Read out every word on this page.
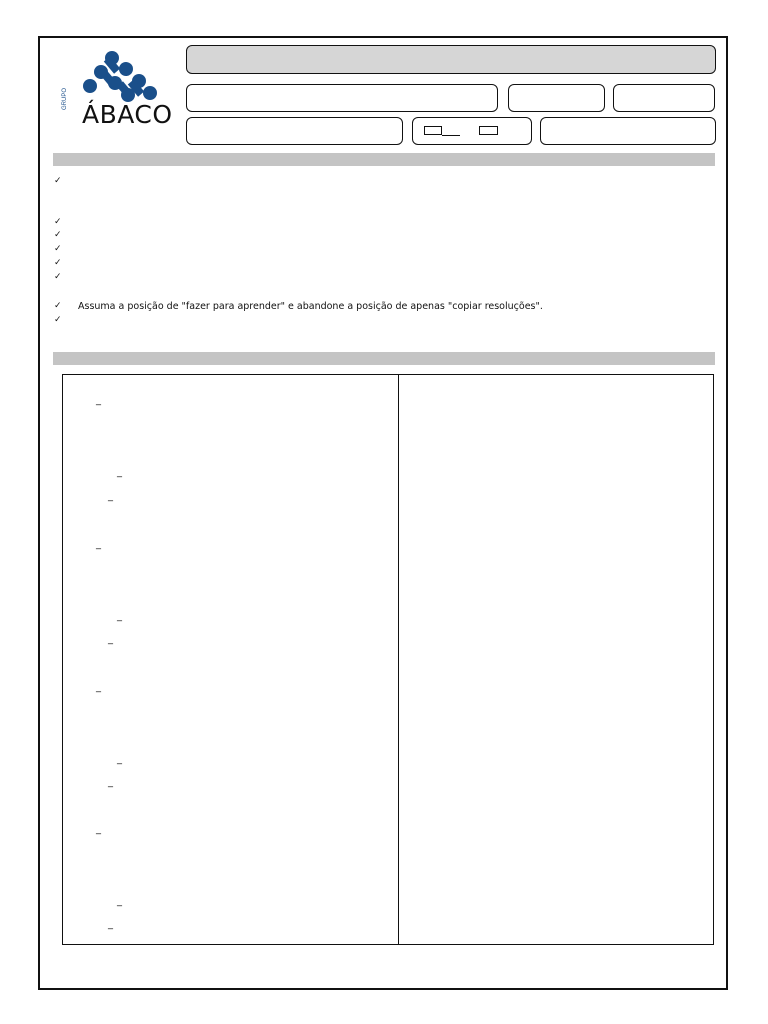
ÁBACO
GRUPO
✓
✓
✓
✓
✓
✓
✓ Assuma a posição de "fazer para aprender" e abandone a posição de apenas "copiar resoluções".
✓
_
_
_
_
_
_
_
_
_
_
_
_
